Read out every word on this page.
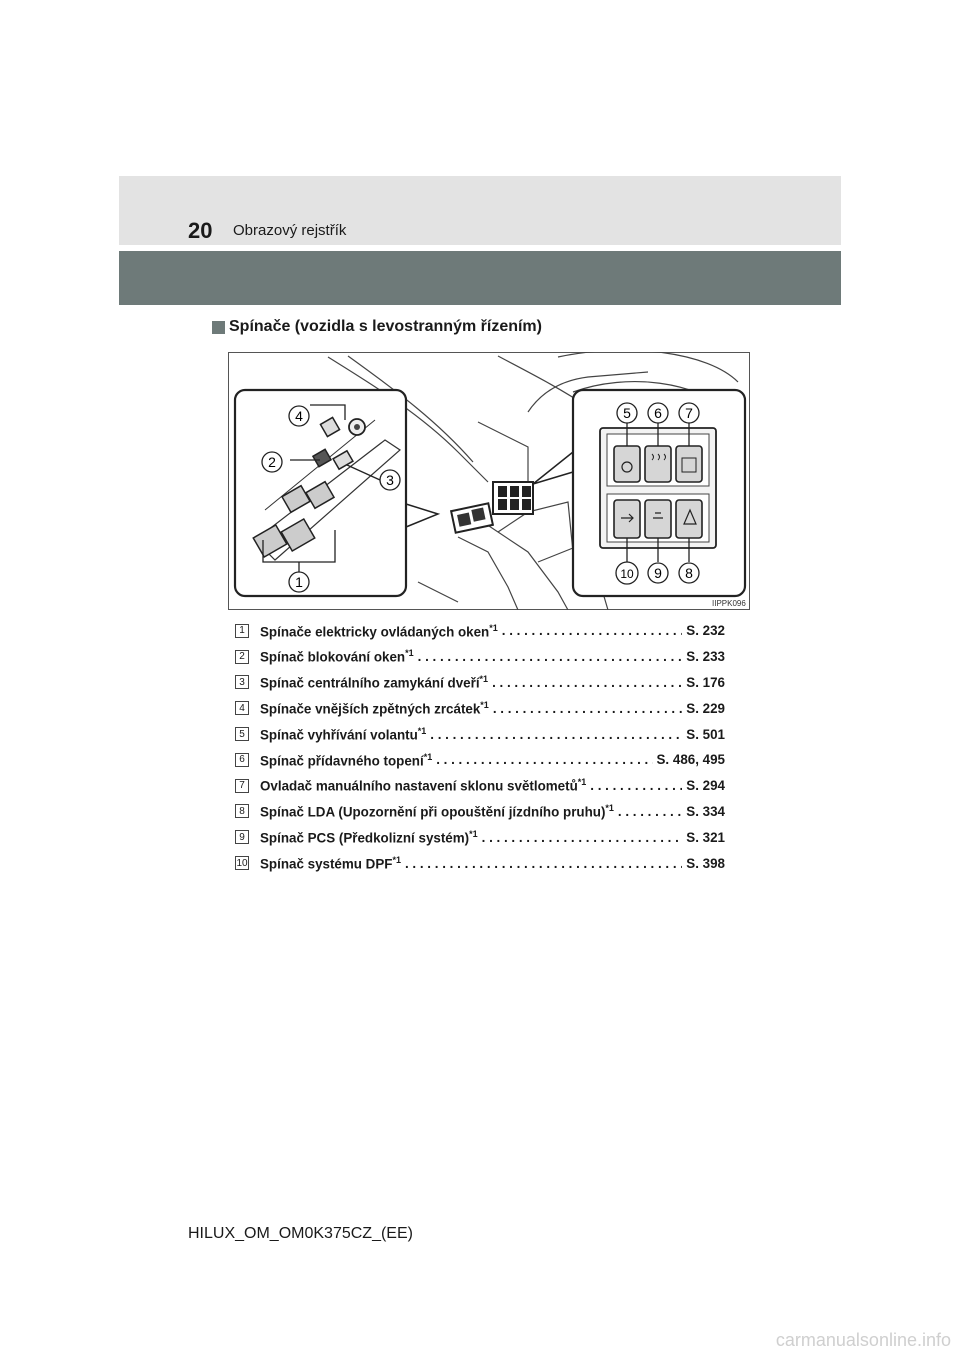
20 Obrazový rejstřík
Spínače (vozidla s levostranným řízením)
4
2
3
1
5 6 7
10 9 8
IIPPK096
1	Spínače elektricky ovládaných oken$^{*1}$ . . .	S. 232
2	Spínač blokování oken$^{*1}$ . . .	S. 233
3	Spínač centrálního zamykání dveří$^{*1}$ . . .	S. 176
4	Spínače vnějších zpětných zrcátek$^{*1}$ . . .	S. 229
5	Spínač vyhřívání volantu$^{*1}$ . . .	S. 501
6	Spínač přídavného topení$^{*1}$ . . .	S. 486, 495
7	Ovladač manuálního nastavení sklonu světlometů$^{*1}$ . . .	S. 294
8	Spínač LDA (Upozornění při opouštění jízdního pruhu)$^{*1}$ . . .	S. 334
9	Spínač PCS (Předkolizní systém)$^{*1}$ . . .	S. 321
10 Spínač systému DPF$^{*1}$ . . .	S. 398
HILUX_OM_OM0K375CZ_(EE)
carmanualsonline.info
